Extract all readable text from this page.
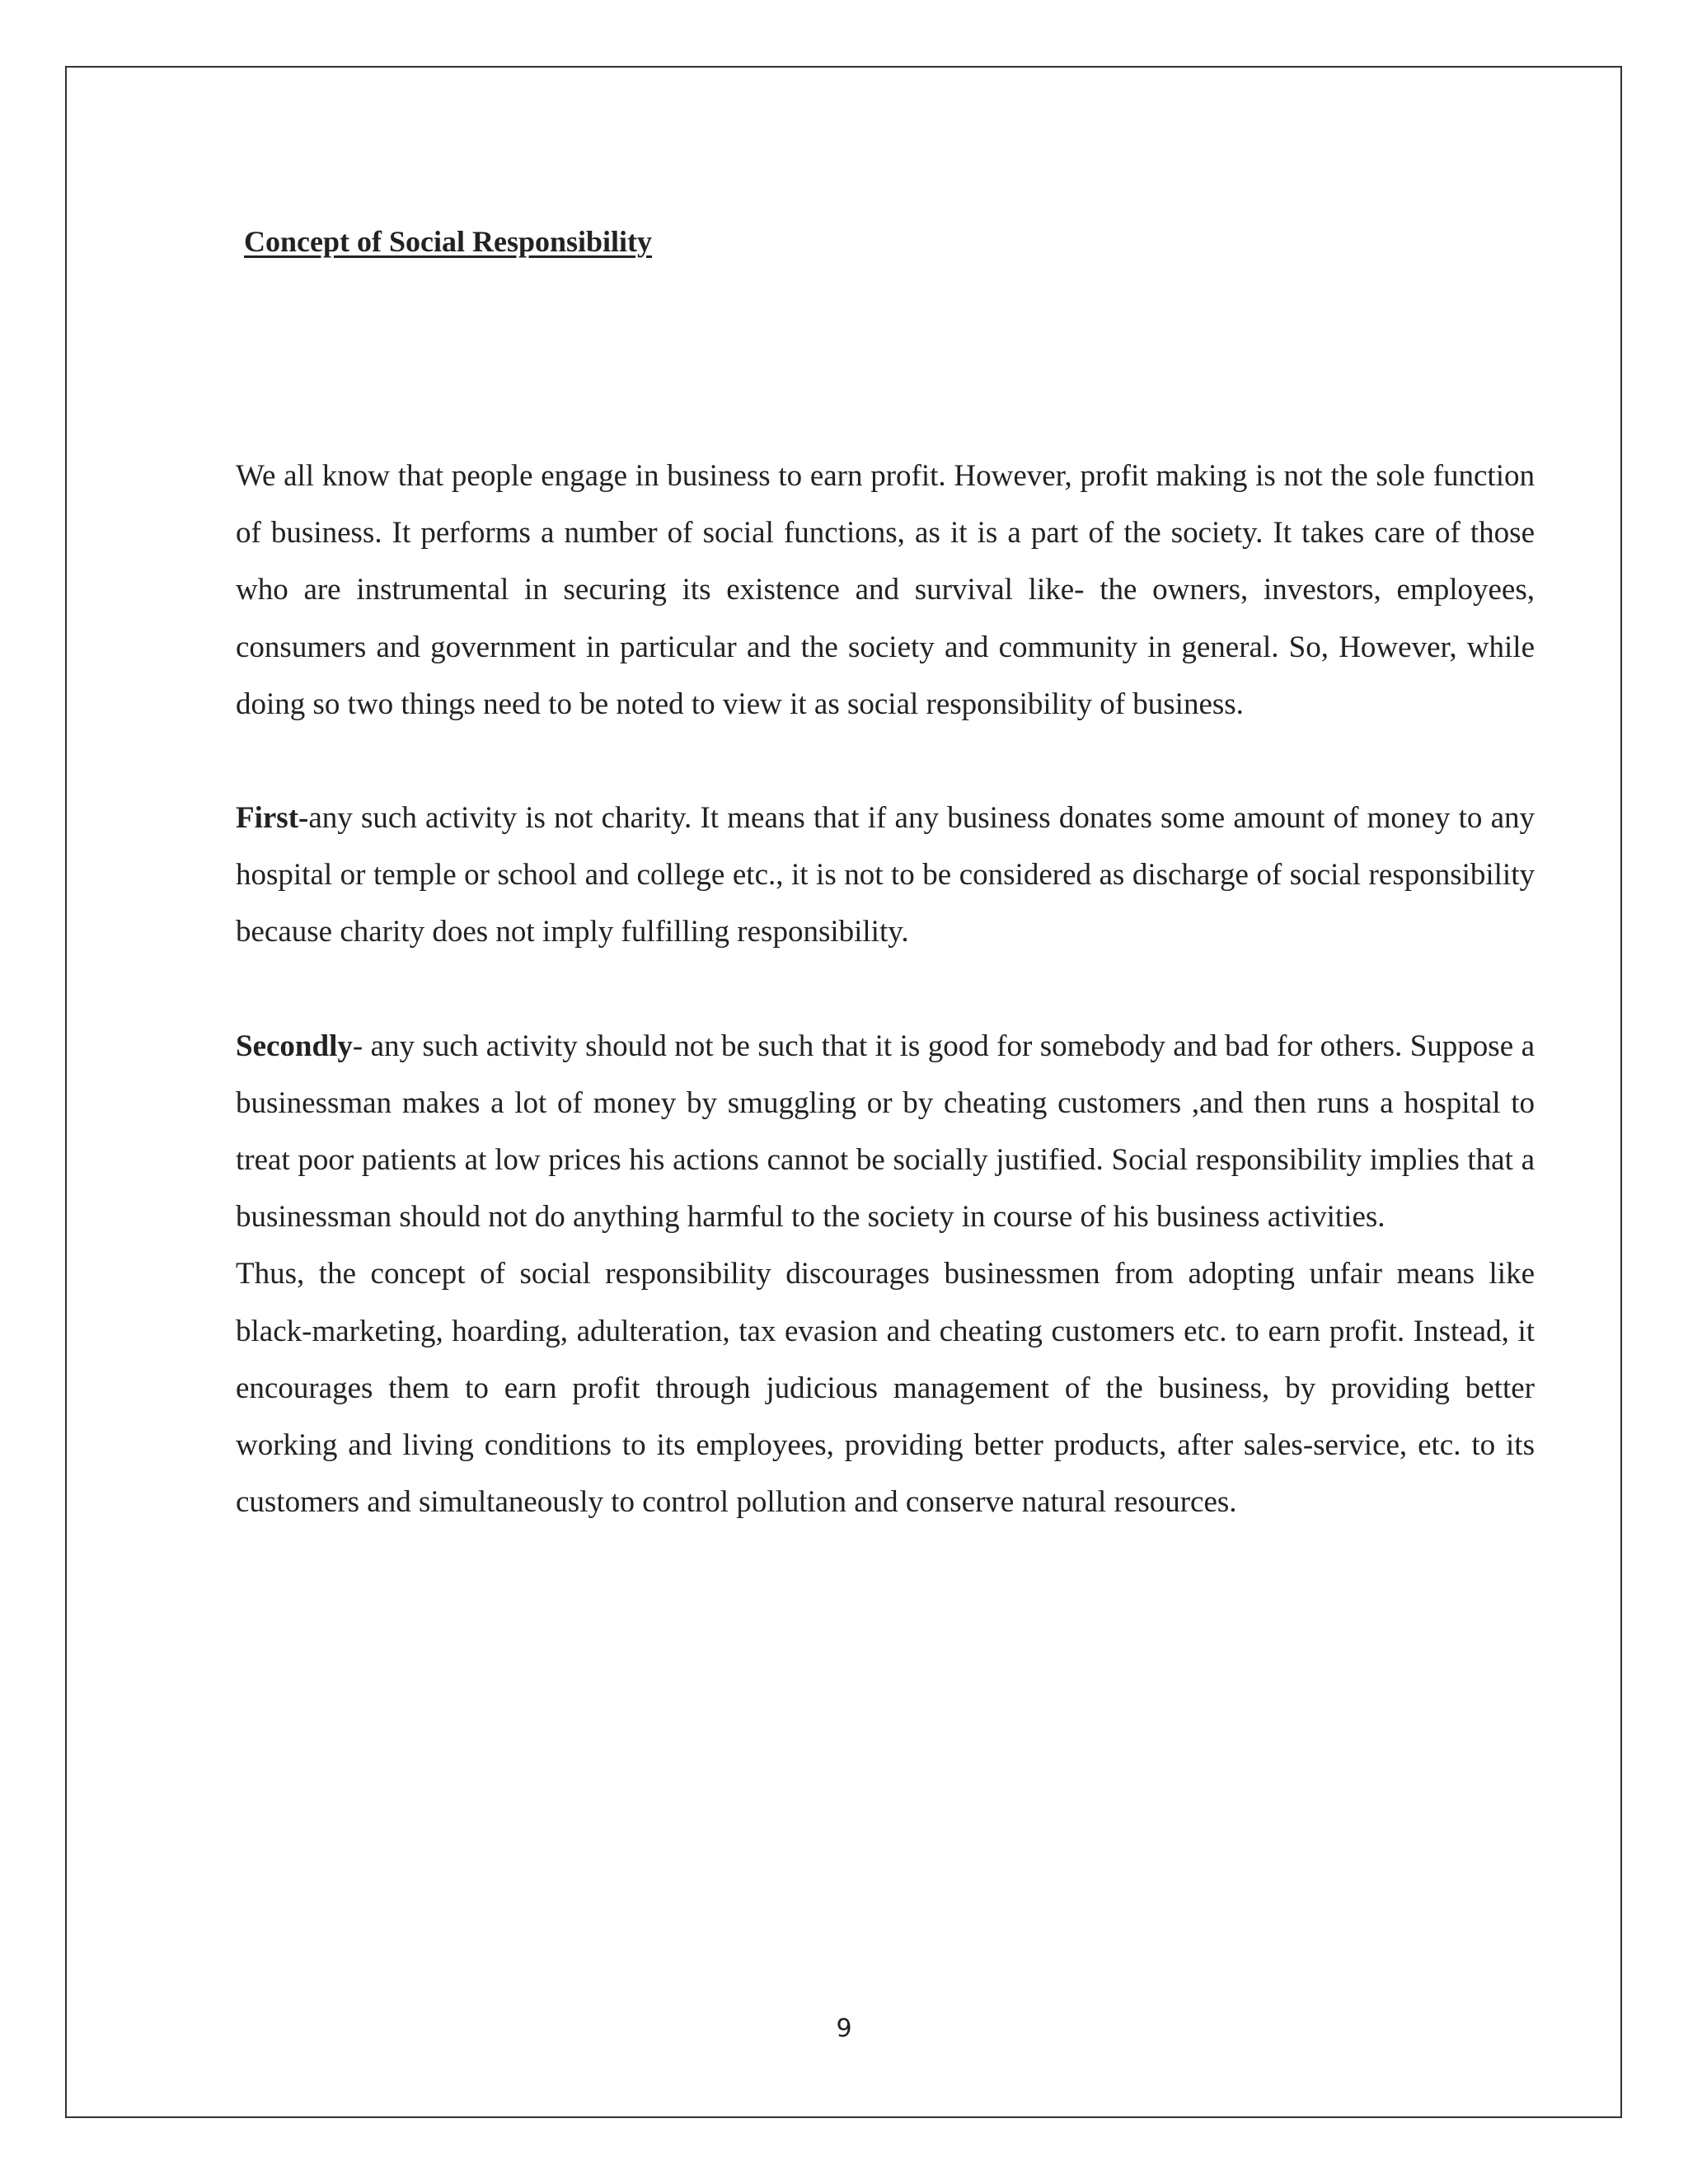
Concept of Social Responsibility

We all know that people engage in business to earn profit. However, profit making is not the sole function of business. It performs a number of social functions, as it is a part of the society. It takes care of those who are instrumental in securing its existence and survival like- the owners, investors, employees, consumers and government in particular and the society and community in general. So, However, while doing so two things need to be noted to view it as social responsibility of business.

First-any such activity is not charity. It means that if any business donates some amount of money to any hospital or temple or school and college etc., it is not to be considered as discharge of social responsibility because charity does not imply fulfilling responsibility.

Secondly- any such activity should not be such that it is good for somebody and bad for others. Suppose a businessman makes a lot of money by smuggling or by cheating customers ,and then runs a hospital to treat poor patients at low prices his actions cannot be socially justified. Social responsibility implies that a businessman should not do anything harmful to the society in course of his business activities.

Thus, the concept of social responsibility discourages businessmen from adopting unfair means like black-marketing, hoarding, adulteration, tax evasion and cheating customers etc. to earn profit. Instead, it encourages them to earn profit through judicious management of the business, by providing better working and living conditions to its employees, providing better products, after sales-service, etc. to its customers and simultaneously to control pollution and conserve natural resources.

9
